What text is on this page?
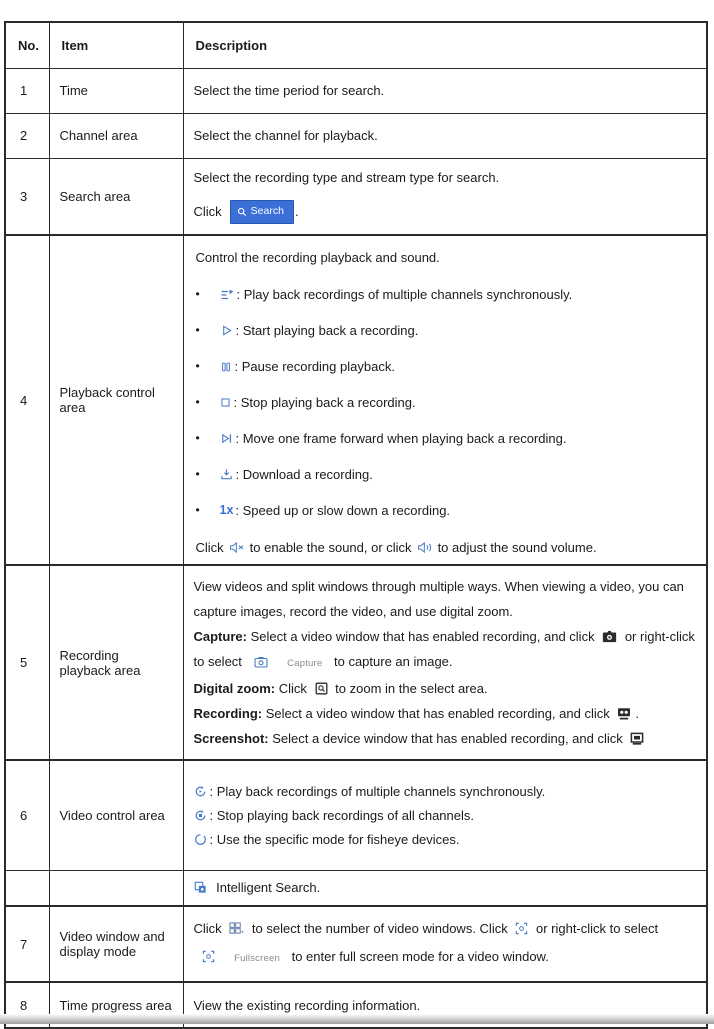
No.	Item	Description
1	Time	Select the time period for search.
2	Channel area	Select the channel for playback.
3	Search area	Select the recording type and stream type for search.

Click Search .

4	Playback control area	

Control the recording playback and sound.

•	: Play back recordings of multiple channels synchronously.
•	: Start playing back a recording.
•	: Pause recording playback.
•	: Stop playing back a recording.
•	: Move one frame forward when playing back a recording.
•	: Download a recording.
•	1x : Speed up or slow down a recording.
Click to enable the sound, or click to adjust the sound volume.

5	Recording playback area	View videos and split windows through multiple ways. When viewing a video, you can capture images, record the video, and use digital zoom.

Capture: Select a video window that has enabled recording, and click or right-click to select Capture to capture an image.

Digital zoom: Click to zoom in the select area.

Recording: Select a video window that has enabled recording, and click .

Screenshot: Select a device window that has enabled recording, and click

6	Video control area	: Play back recordings of multiple channels synchronously.
: Stop playing back recordings of all channels.
: Use the specific mode for fisheye devices.

		Intelligent Search.
7	Video window and display mode	Click to select the number of video windows. Click or right-click to select  Fullscreen to enter full screen mode for a video window.
8	Time progress area	View the existing recording information.
